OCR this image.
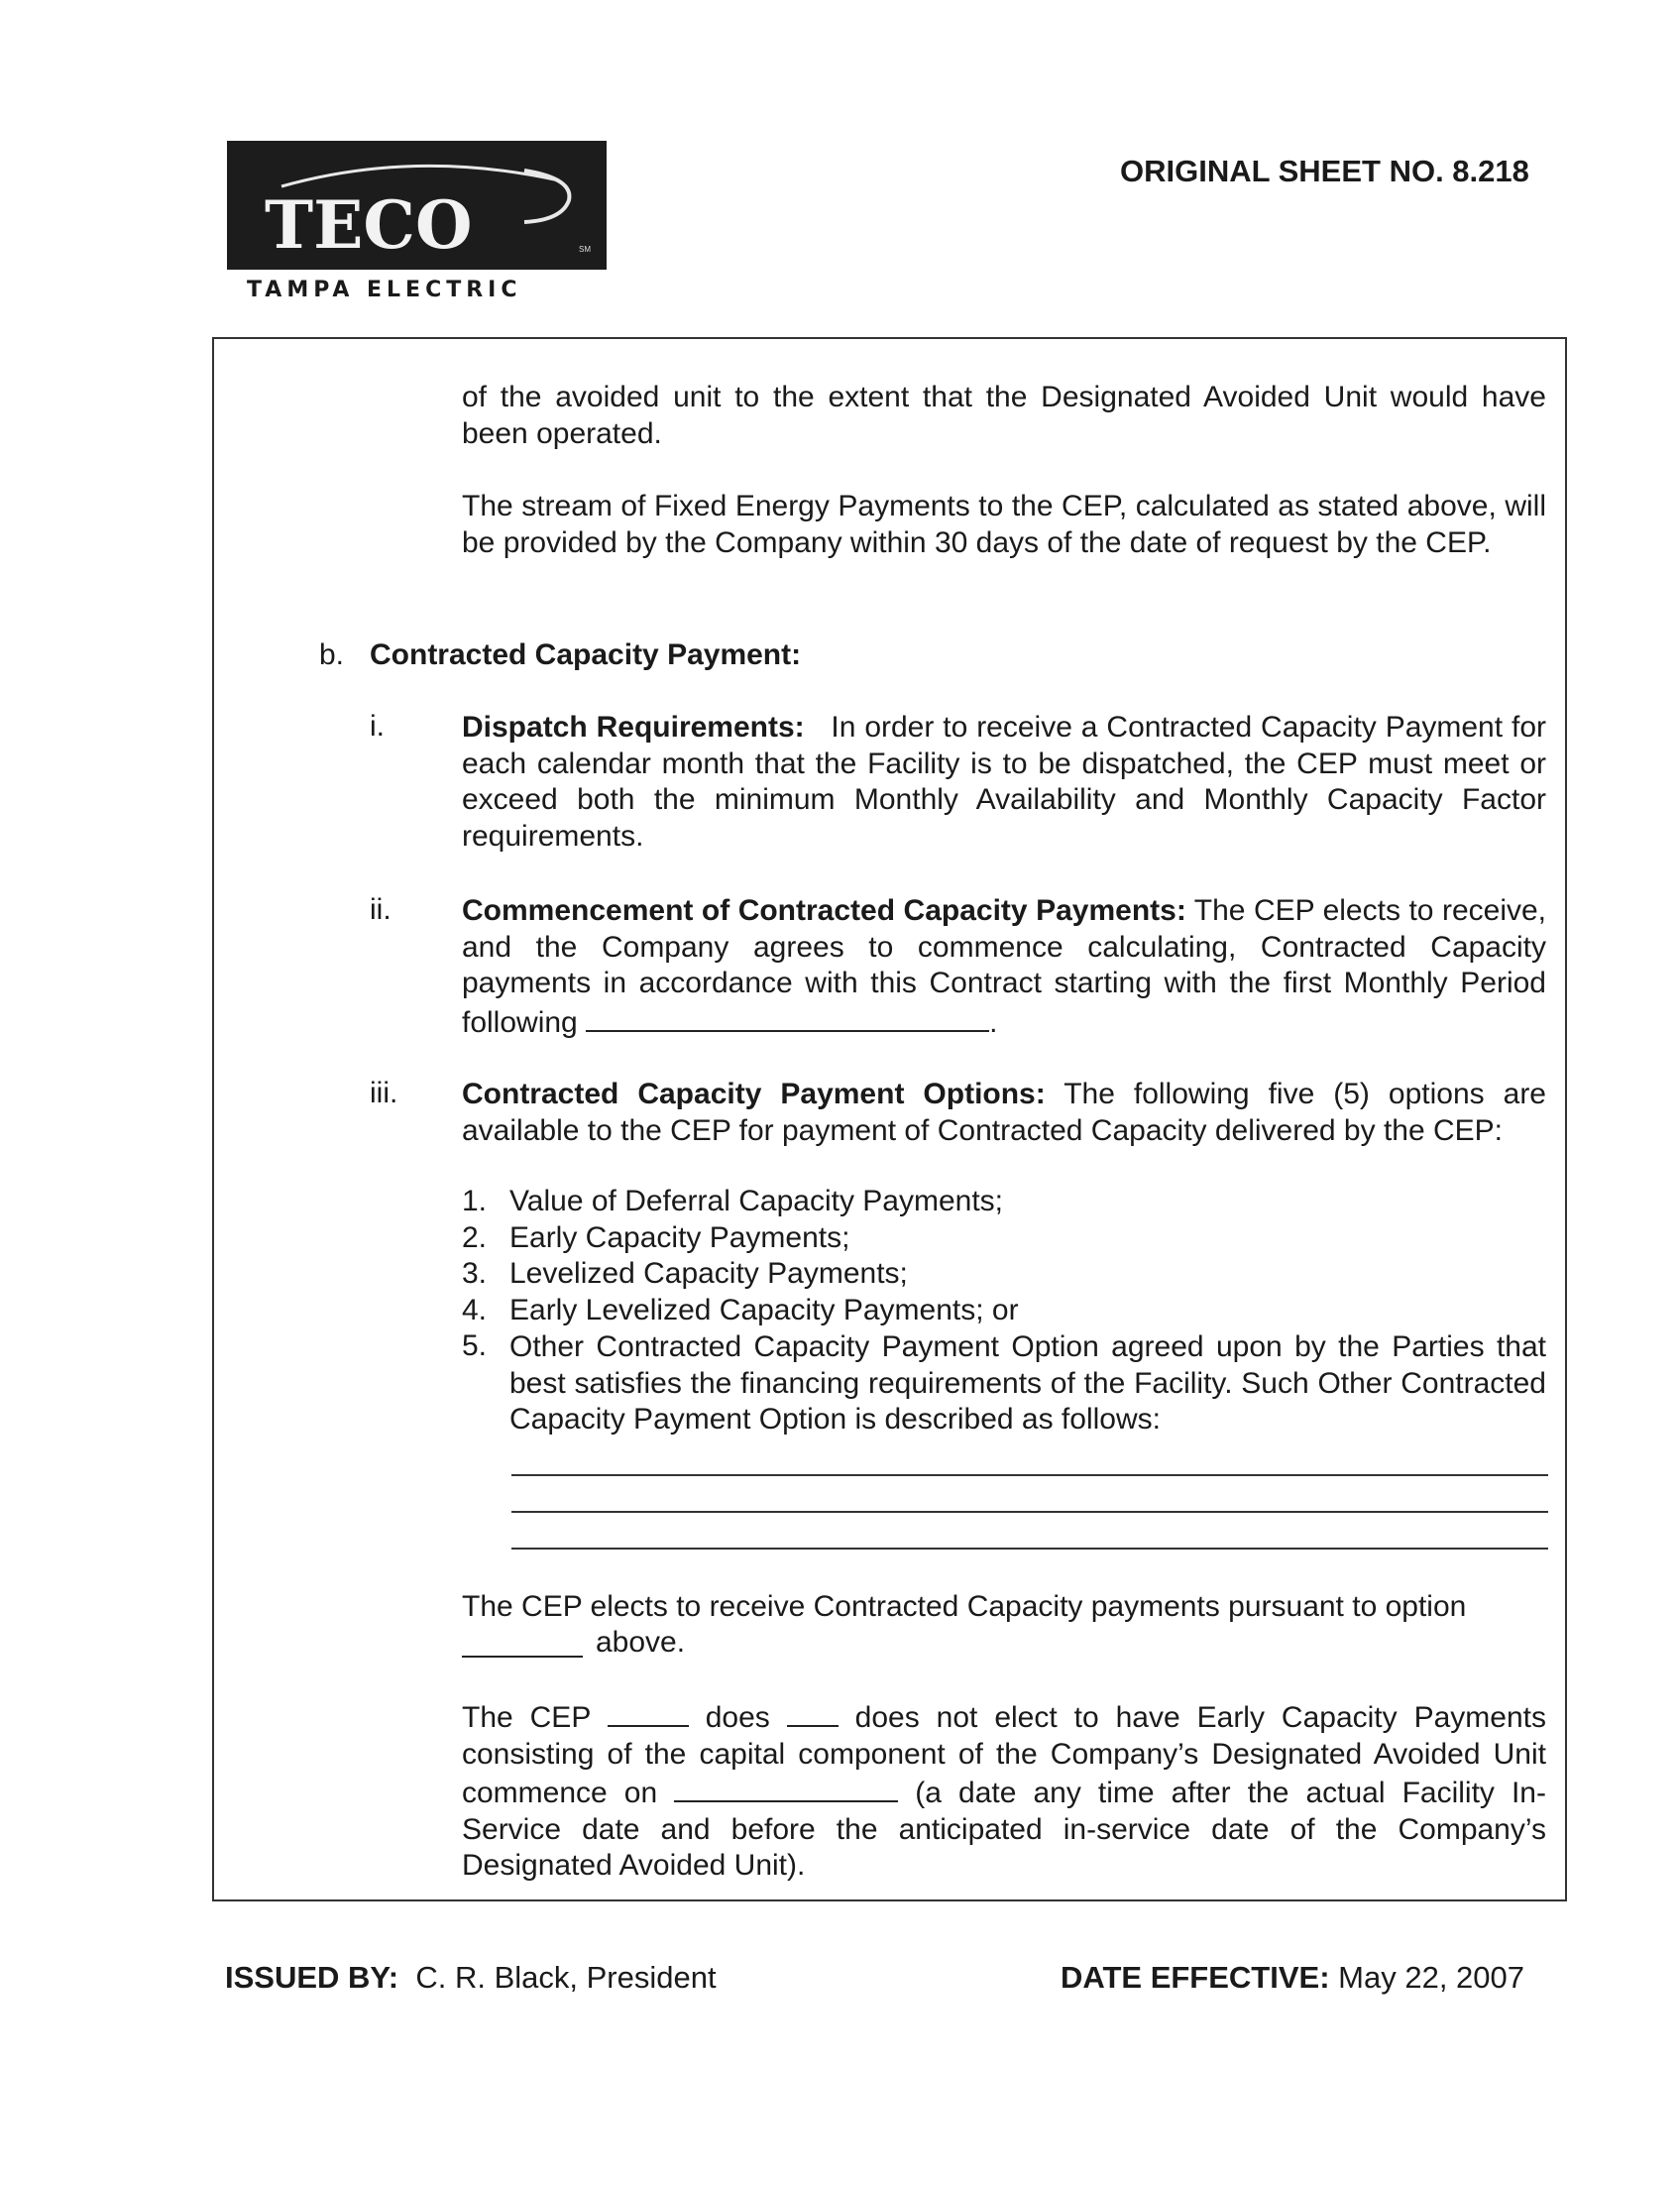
TECO	SM
TAMPA ELECTRIC
ORIGINAL SHEET NO. 8.218

of the avoided unit to the extent that the Designated Avoided Unit would have been operated.

The stream of Fixed Energy Payments to the CEP, calculated as stated above, will be provided by the Company within 30 days of the date of request by the CEP.

b. Contracted Capacity Payment:
i.	Dispatch Requirements: In order to receive a Contracted Capacity Payment for each calendar month that the Facility is to be dispatched, the CEP must meet or exceed both the minimum Monthly Availability and Monthly Capacity Factor requirements.

ii. Commencement of Contracted Capacity Payments: The CEP elects to receive, and the Company agrees to commence calculating, Contracted Capacity payments in accordance with this Contract starting with the first Monthly Period following	.

iii. Contracted Capacity Payment Options: The following five (5) options are available to the CEP for payment of Contracted Capacity delivered by the CEP:

1. Value of Deferral Capacity Payments;
2. Early Capacity Payments;
3. Levelized Capacity Payments;
4. Early Levelized Capacity Payments; or
5. Other Contracted Capacity Payment Option agreed upon by the Parties that best satisfies the financing requirements of the Facility. Such Other Contracted Capacity Payment Option is described as follows:

The CEP elects to receive Contracted Capacity payments pursuant to option

above.

The CEP	does	does not elect to have Early Capacity Payments consisting of the capital component of the Company’s Designated Avoided Unit commence on	(a date any time after the actual Facility In-Service date and before the anticipated in-service date of the Company’s Designated Avoided Unit).

ISSUED BY: C. R. Black, President	DATE EFFECTIVE: May 22, 2007
